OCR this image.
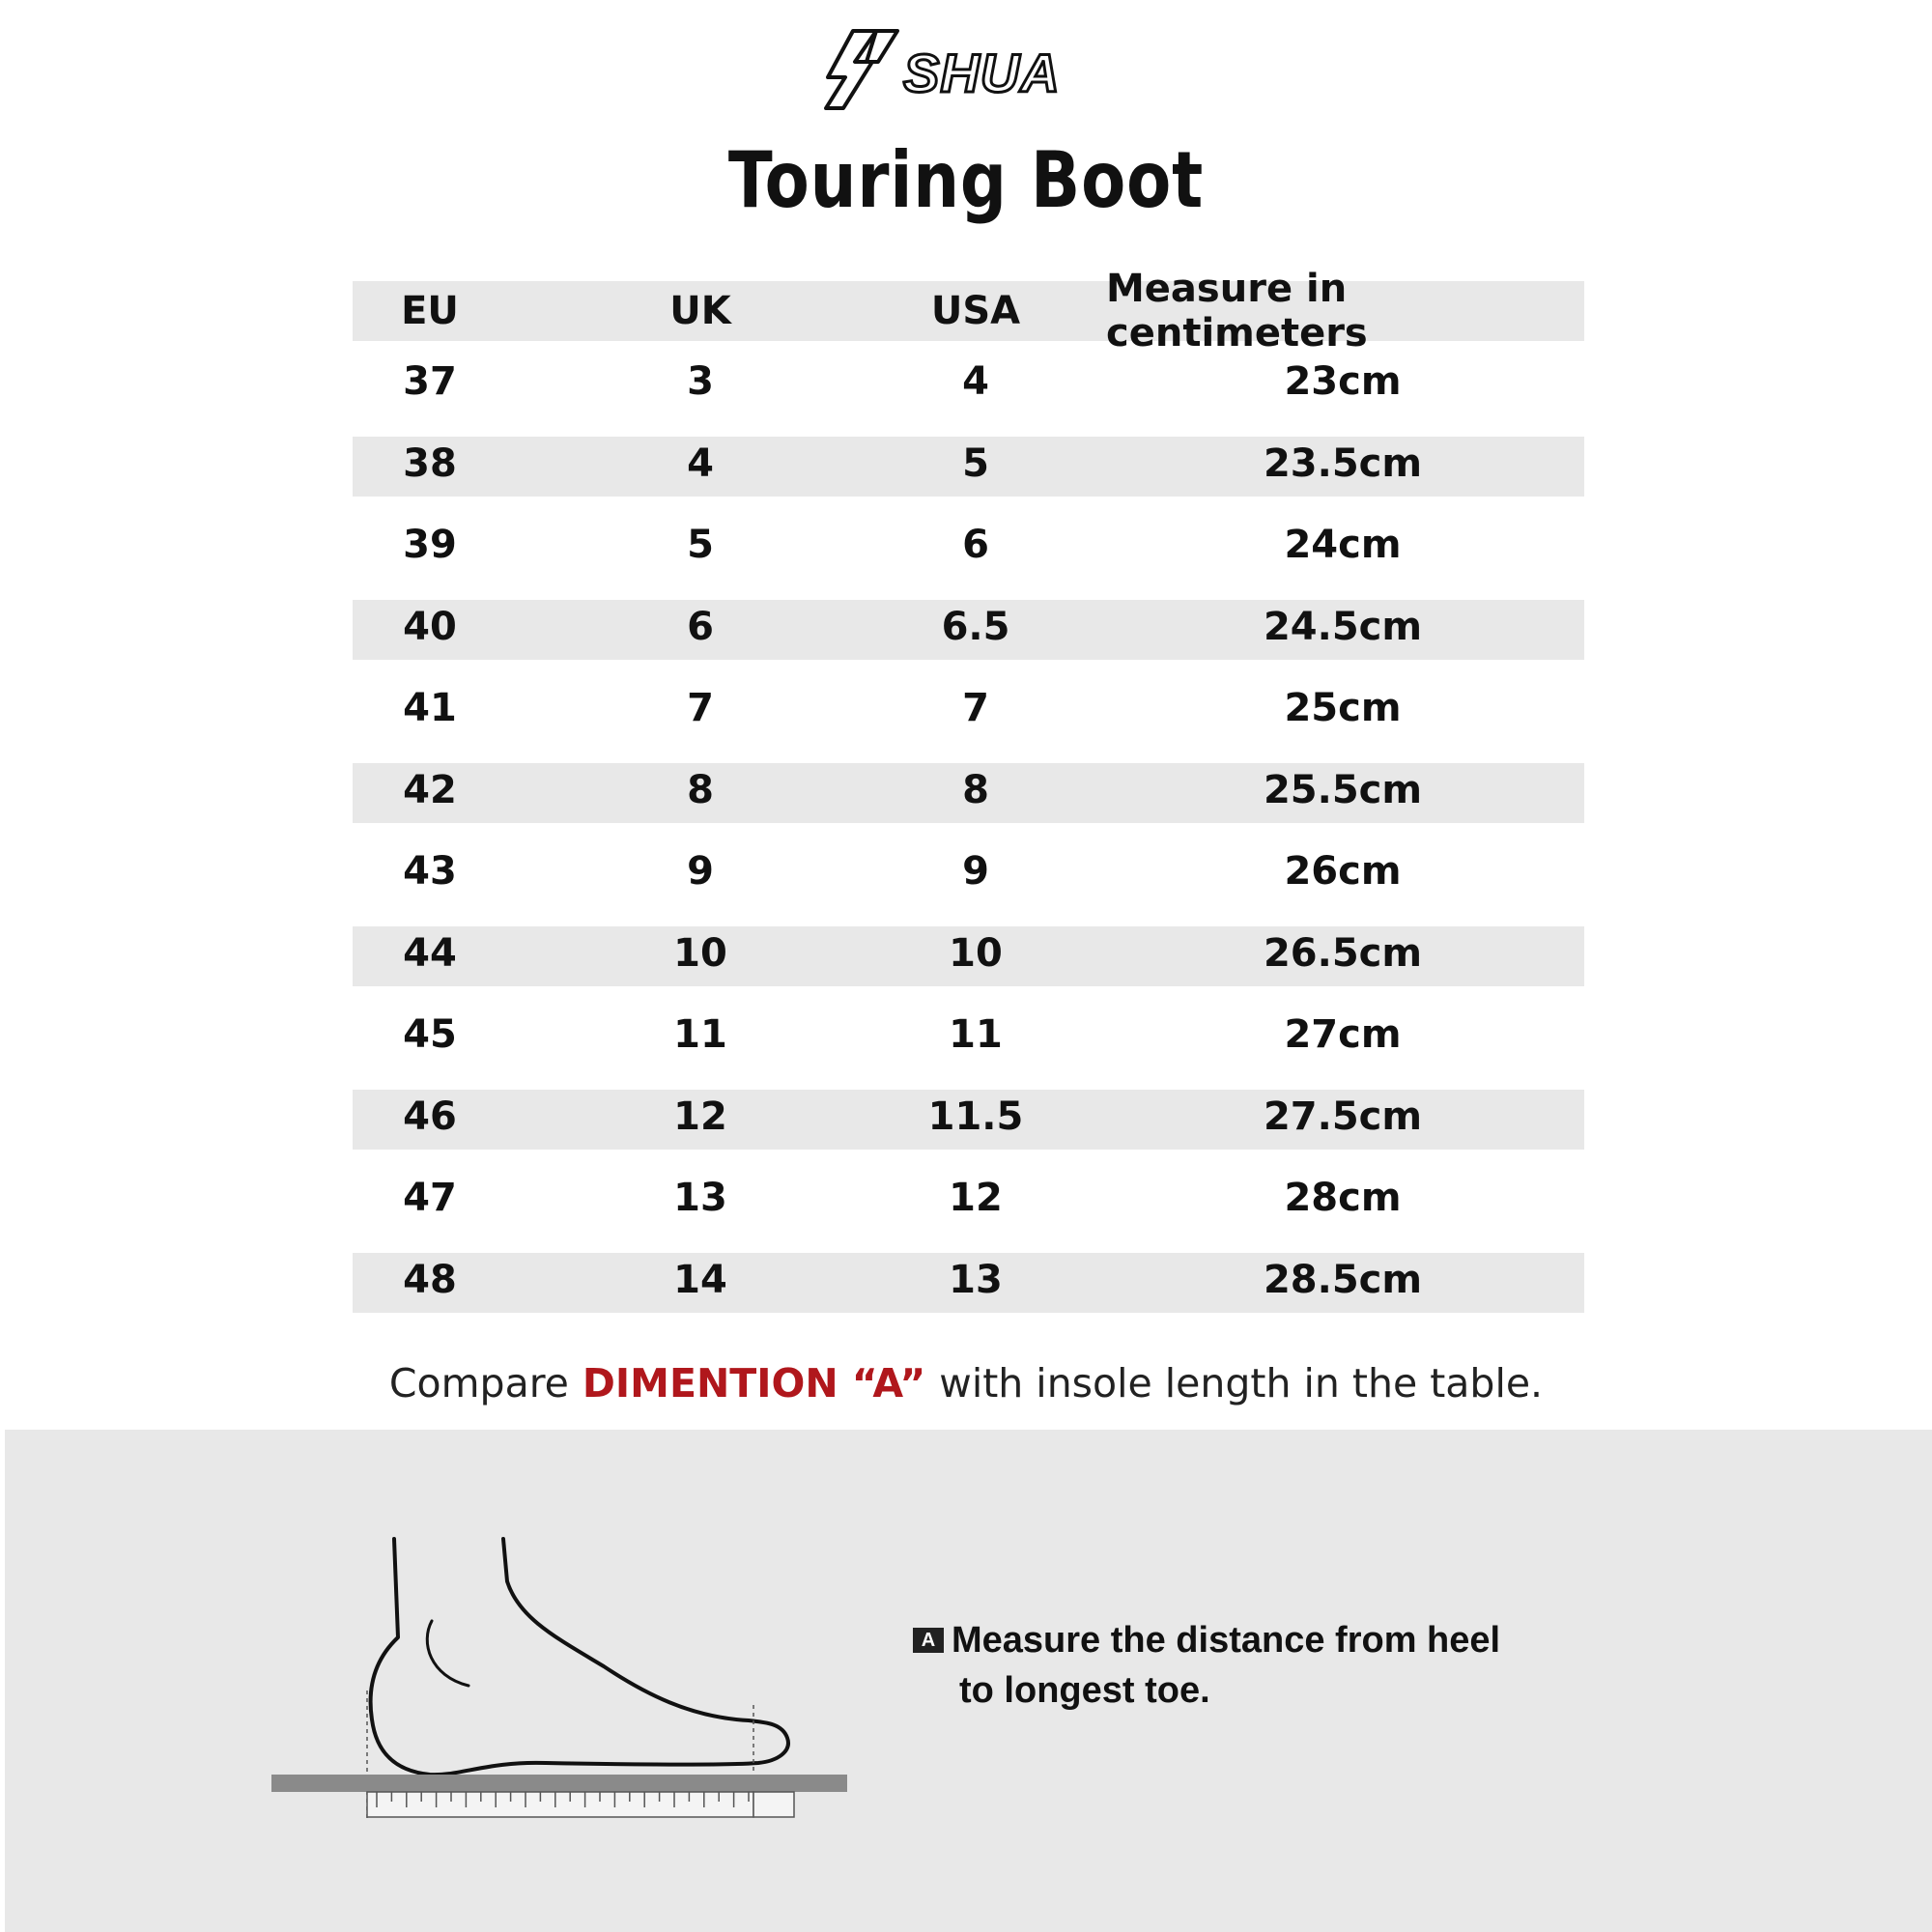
SHUA
Touring Boot
EU	UK	USA	Measure in centimeters
37	3	4	23cm
38	4	5	23.5cm
39	5	6	24cm
40	6	6.5	24.5cm
41	7	7	25cm
42	8	8	25.5cm
43	9	9	26cm
44	10	10	26.5cm
45	11	11	27cm
46	12	11.5	27.5cm
47	13	12	28cm
48	14	13	28.5cm
Compare DIMENTION “A” with insole length in the table.
A Measure the distance from heel
to longest toe.
